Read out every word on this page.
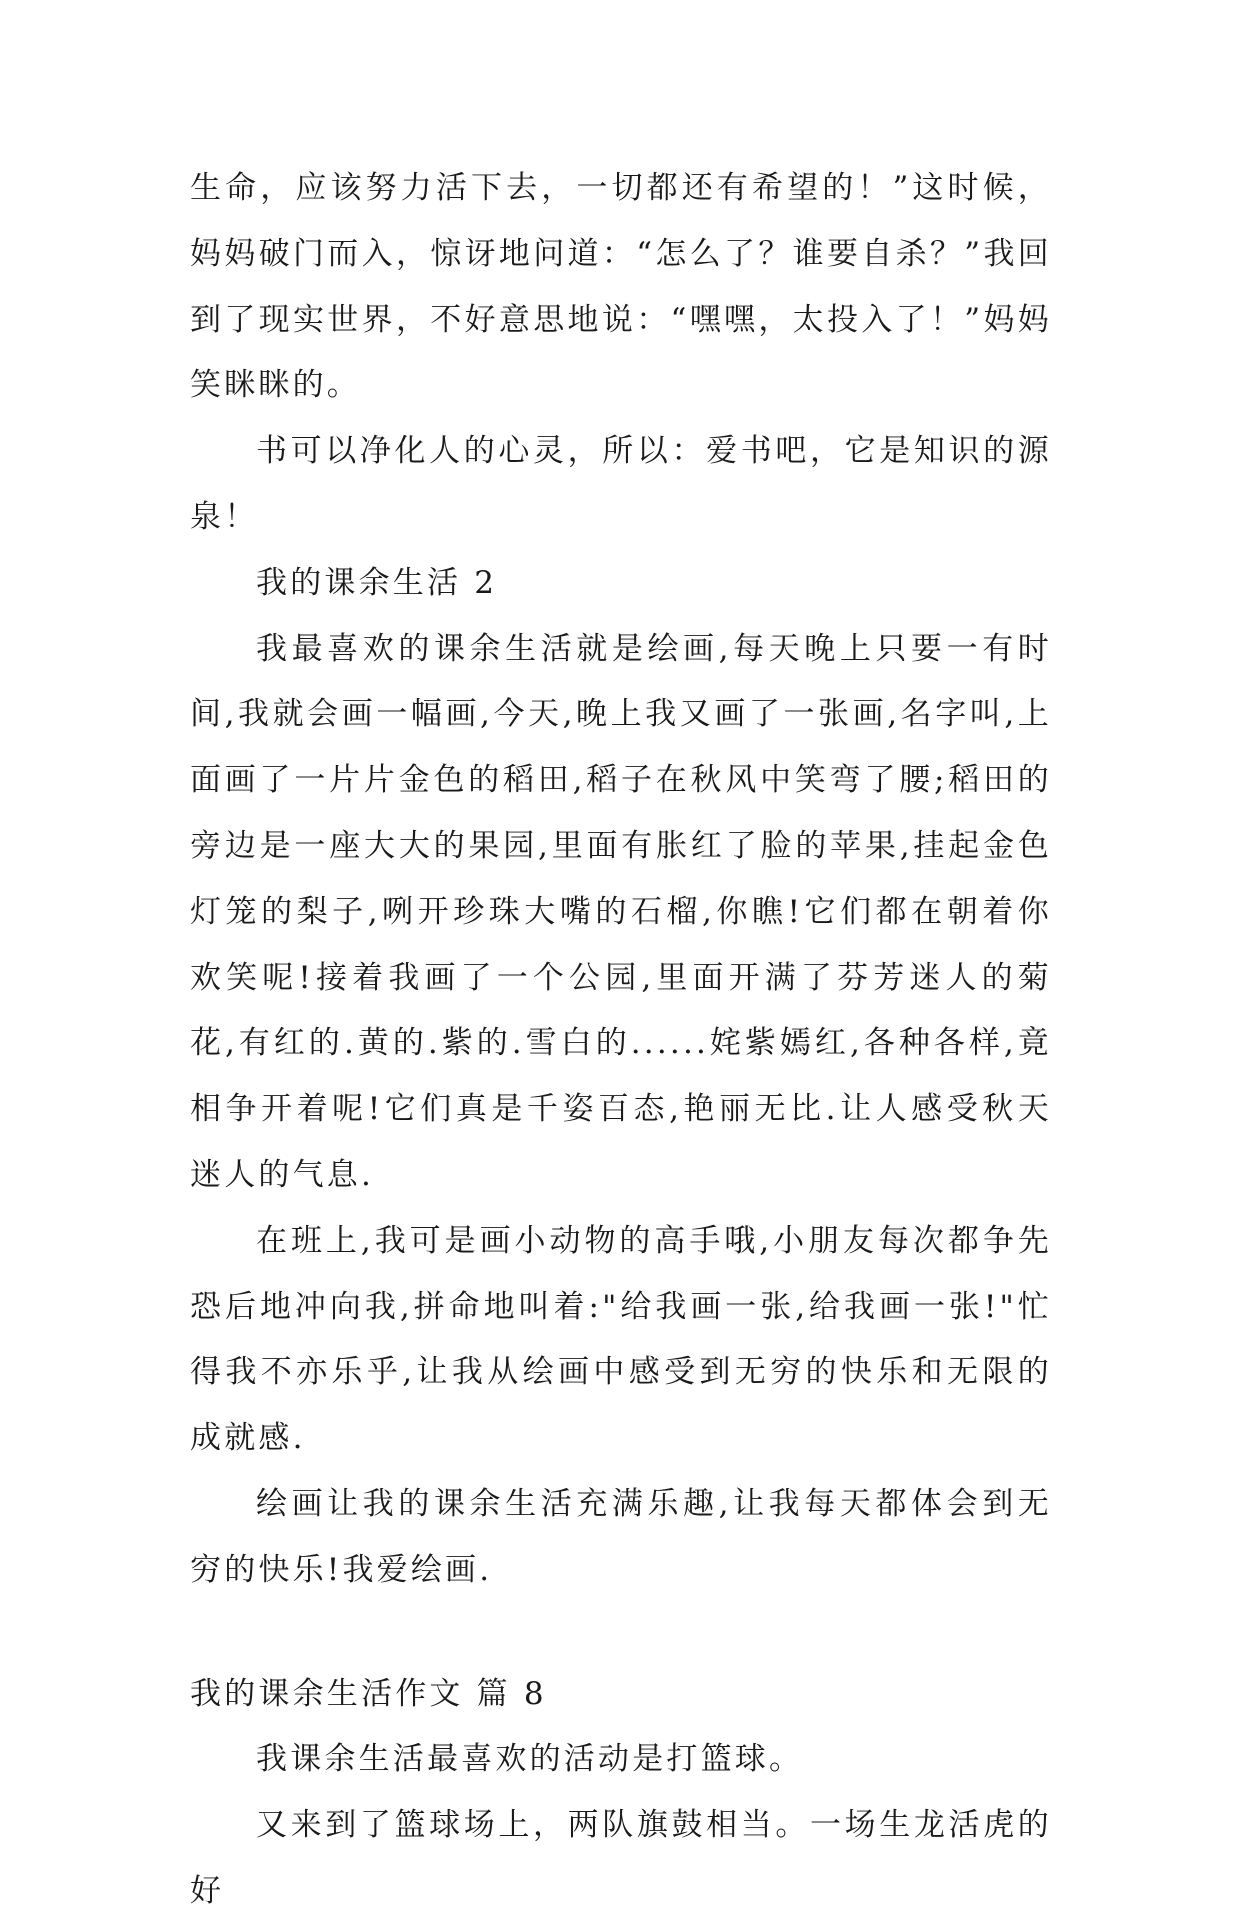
生命，应该努力活下去，一切都还有希望的！”这时候，妈妈破门而入，惊讶地问道：“怎么了？谁要自杀？”我回到了现实世界，不好意思地说：“嘿嘿，太投入了！”妈妈笑眯眯的。

书可以净化人的心灵，所以：爱书吧，它是知识的源泉！

我的课余生活 2

我最喜欢的课余生活就是绘画,每天晚上只要一有时间,我就会画一幅画,今天,晚上我又画了一张画,名字叫,上面画了一片片金色的稻田,稻子在秋风中笑弯了腰;稻田的旁边是一座大大的果园,里面有胀红了脸的苹果,挂起金色灯笼的梨子,咧开珍珠大嘴的石榴,你瞧!它们都在朝着你欢笑呢!接着我画了一个公园,里面开满了芬芳迷人的菊花,有红的.黄的.紫的.雪白的......姹紫嫣红,各种各样,竟相争开着呢!它们真是千姿百态,艳丽无比.让人感受秋天迷人的气息.

在班上,我可是画小动物的高手哦,小朋友每次都争先恐后地冲向我,拼命地叫着:"给我画一张,给我画一张!"忙得我不亦乐乎,让我从绘画中感受到无穷的快乐和无限的成就感.

绘画让我的课余生活充满乐趣,让我每天都体会到无穷的快乐!我爱绘画.

我的课余生活作文 篇 8

我课余生活最喜欢的活动是打篮球。

又来到了篮球场上，两队旗鼓相当。一场生龙活虎的好
